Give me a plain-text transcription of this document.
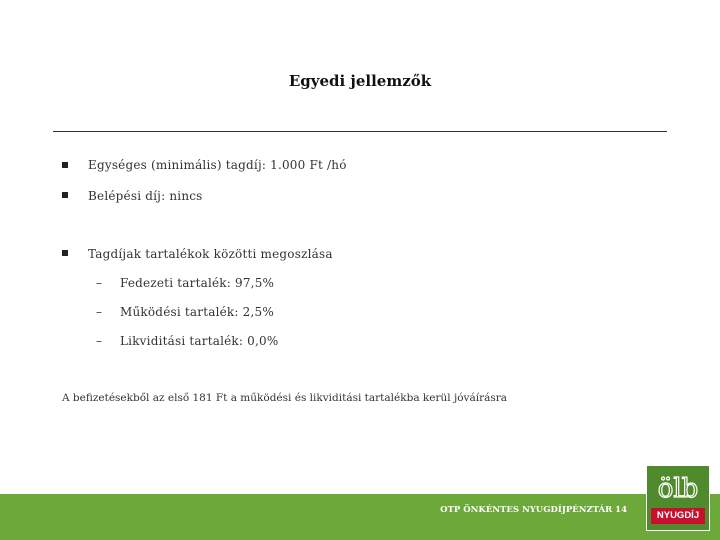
Egyedi jellemzők
Egységes (minimális) tagdíj: 1.000 Ft /hó
Belépési díj: nincs
Tagdíjak tartalékok közötti megoszlása
– Fedezeti tartalék: 97,5%
– Működési tartalék: 2,5%
– Likviditási tartalék: 0,0%
A befizetésekből az első 181 Ft a működési és likviditási tartalékba kerül jóváírásra
OTP ÖNKÉNTES NYUGDÍJPÉNZTÁR 14
ölb
NYUGDÍJ
